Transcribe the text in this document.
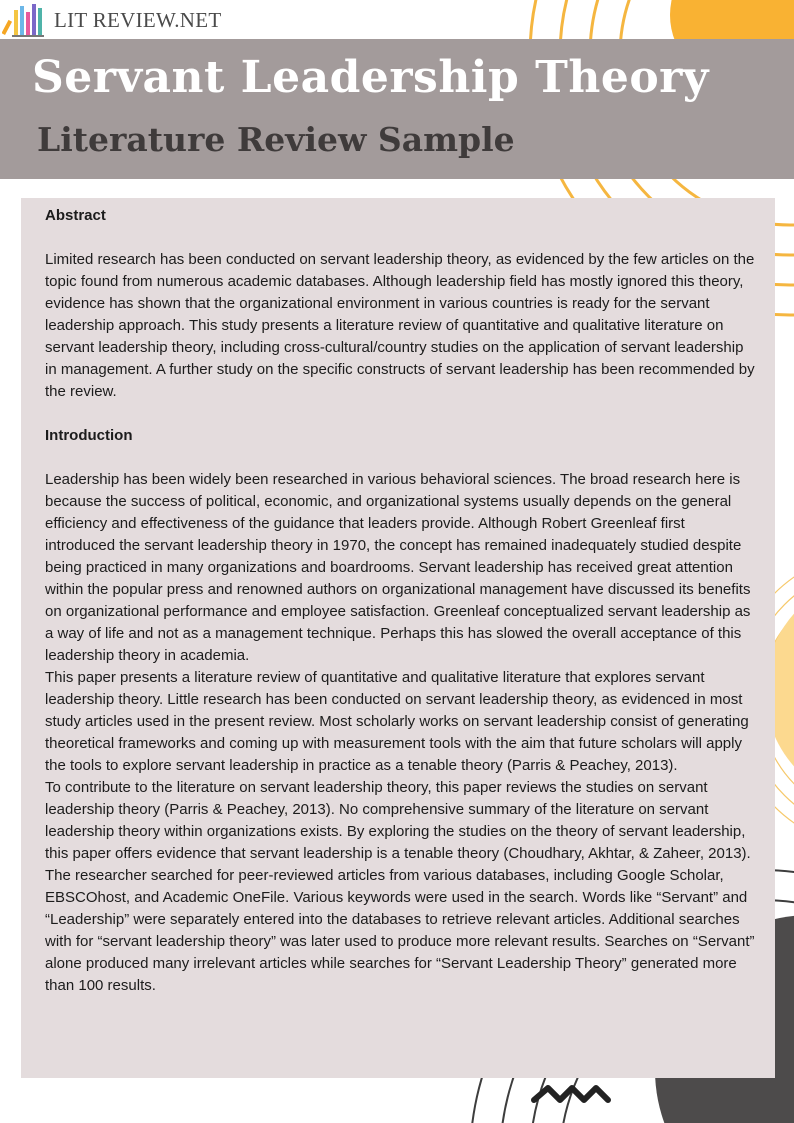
LIT REVIEW.NET
Servant Leadership Theory
Literature Review Sample
Abstract

Limited research has been conducted on servant leadership theory, as evidenced by the few articles on the topic found from numerous academic databases. Although leadership field has mostly ignored this theory, evidence has shown that the organizational environment in various countries is ready for the servant leadership approach. This study presents a literature review of quantitative and qualitative literature on servant leadership theory, including cross-cultural/country studies on the application of servant leadership in management. A further study on the specific constructs of servant leadership has been recommended by the review.

Introduction

Leadership has been widely been researched in various behavioral sciences. The broad research here is because the success of political, economic, and organizational systems usually depends on the general efficiency and effectiveness of the guidance that leaders provide. Although Robert Greenleaf first introduced the servant leadership theory in 1970, the concept has remained inadequately studied despite being practiced in many organizations and boardrooms. Servant leadership has received great attention within the popular press and renowned authors on organizational management have discussed its benefits on organizational performance and employee satisfaction. Greenleaf conceptualized servant leadership as a way of life and not as a management technique. Perhaps this has slowed the overall acceptance of this leadership theory in academia.

This paper presents a literature review of quantitative and qualitative literature that explores servant leadership theory. Little research has been conducted on servant leadership theory, as evidenced in most study articles used in the present review. Most scholarly works on servant leadership consist of generating theoretical frameworks and coming up with measurement tools with the aim that future scholars will apply the tools to explore servant leadership in practice as a tenable theory (Parris & Peachey, 2013).

To contribute to the literature on servant leadership theory, this paper reviews the studies on servant leadership theory (Parris & Peachey, 2013). No comprehensive summary of the literature on servant leadership theory within organizations exists. By exploring the studies on the theory of servant leadership, this paper offers evidence that servant leadership is a tenable theory (Choudhary, Akhtar, & Zaheer, 2013).

The researcher searched for peer-reviewed articles from various databases, including Google Scholar, EBSCOhost, and Academic OneFile. Various keywords were used in the search. Words like “Servant” and “Leadership” were separately entered into the databases to retrieve relevant articles. Additional searches with for “servant leadership theory” was later used to produce more relevant results. Searches on “Servant” alone produced many irrelevant articles while searches for “Servant Leadership Theory” generated more than 100 results.
